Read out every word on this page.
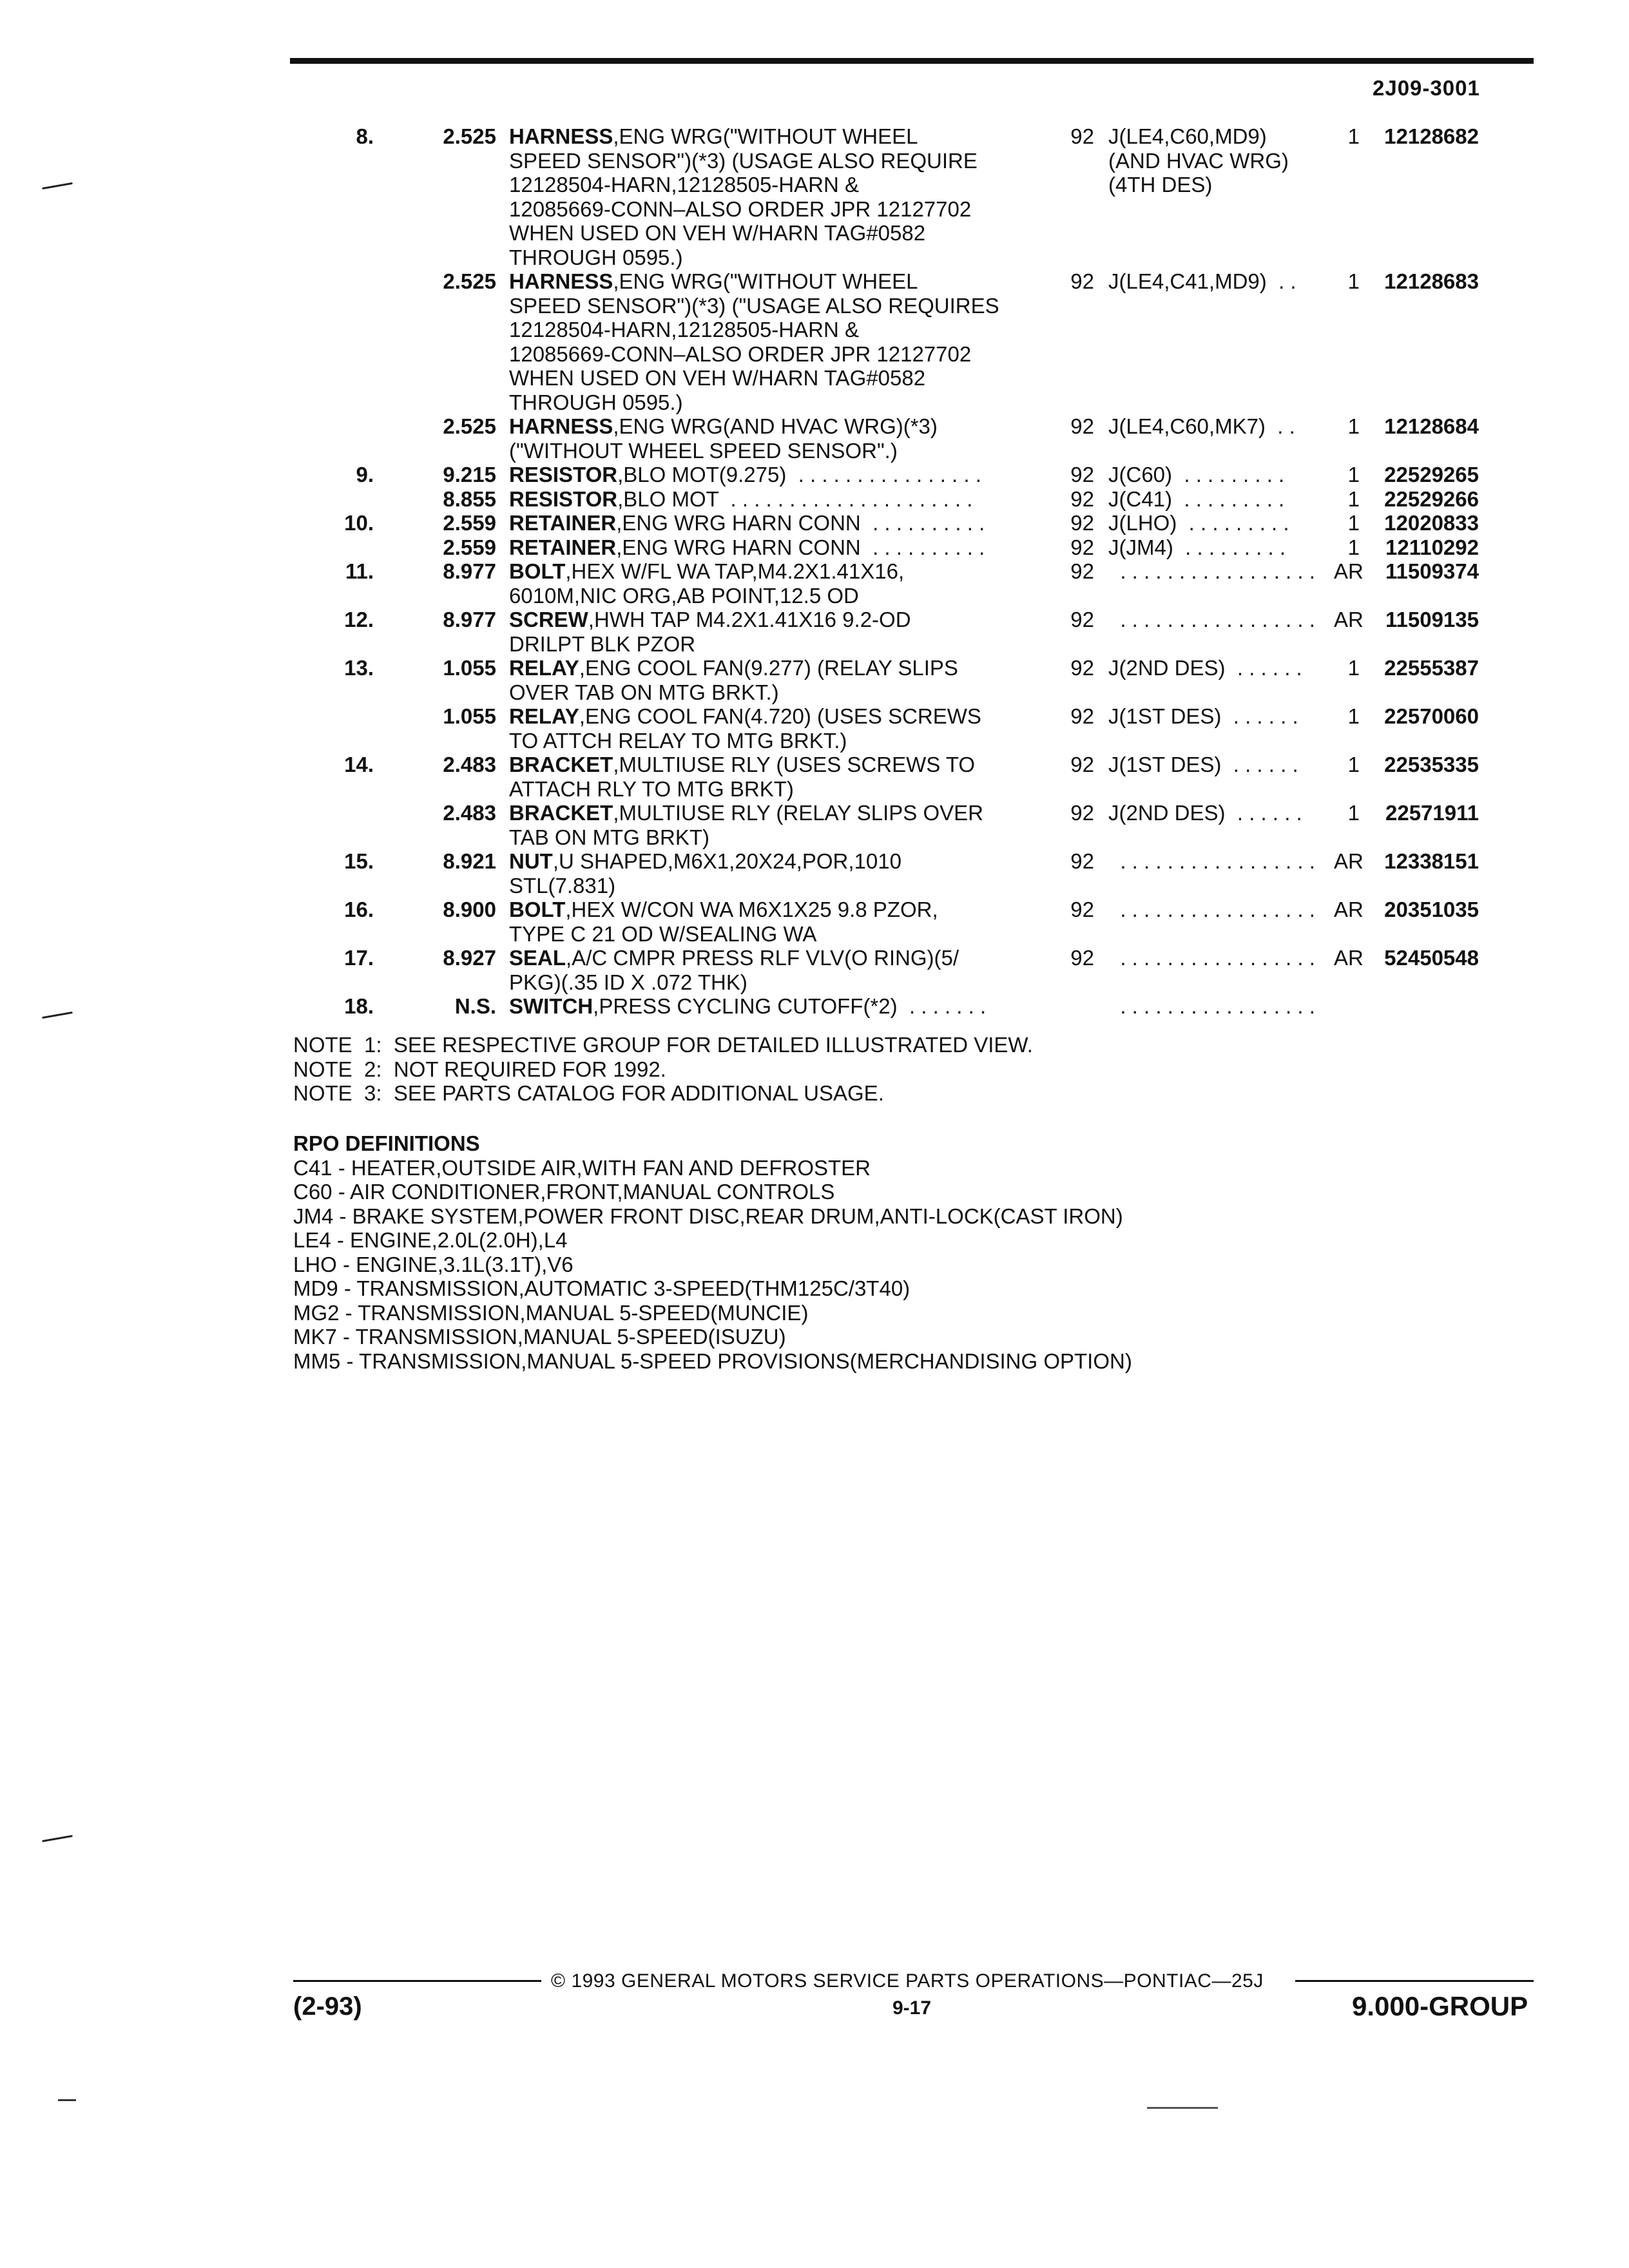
2J09-3001
8.	2.525 HARNESS,ENG WRG("WITHOUT WHEEL
SPEED SENSOR")(*3) (USAGE ALSO REQUIRE
12128504-HARN,12128505-HARN &
12085669-CONN–ALSO ORDER JPR 12127702
WHEN USED ON VEH W/HARN TAG#0582
THROUGH 0595.)
92 J(LE4,C60,MD9)
(AND HVAC WRG)
(4TH DES)
1	12128682
2.525 HARNESS,ENG WRG("WITHOUT WHEEL
SPEED SENSOR")(*3) ("USAGE ALSO REQUIRES
12128504-HARN,12128505-HARN &
12085669-CONN–ALSO ORDER JPR 12127702
WHEN USED ON VEH W/HARN TAG#0582
THROUGH 0595.)
92 J(LE4,C41,MD9)  . .	1	12128683
2.525 HARNESS,ENG WRG(AND HVAC WRG)(*3)
("WITHOUT WHEEL SPEED SENSOR".)
92 J(LE4,C60,MK7)  . .	1	12128684
9.	9.215 RESISTOR,BLO MOT(9.275)  . . . . . . . . . . . . . . . .	92 J(C60)  . . . . . . . . .	1	22529265
8.855 RESISTOR,BLO MOT  . . . . . . . . . . . . . . . . . . . . .	92 J(C41)  . . . . . . . . .	1	22529266
10.	2.559 RETAINER,ENG WRG HARN CONN  . . . . . . . . . .	92 J(LHO)  . . . . . . . . .	1	12020833
2.559 RETAINER,ENG WRG HARN CONN  . . . . . . . . . .	92 J(JM4)  . . . . . . . . .	1	12110292
11.	8.977 BOLT,HEX W/FL WA TAP,M4.2X1.41X16,
6010M,NIC ORG,AB POINT,12.5 OD
92 . . . . . . . . . . . . . . . . . AR	11509374
12.	8.977 SCREW,HWH TAP M4.2X1.41X16 9.2-OD
DRILPT BLK PZOR
92 . . . . . . . . . . . . . . . . . AR	11509135
13.	1.055 RELAY,ENG COOL FAN(9.277) (RELAY SLIPS
OVER TAB ON MTG BRKT.)
92 J(2ND DES)  . . . . . .	1	22555387
1.055 RELAY,ENG COOL FAN(4.720) (USES SCREWS
TO ATTCH RELAY TO MTG BRKT.)
92 J(1ST DES)  . . . . . .	1	22570060
14.	2.483 BRACKET,MULTIUSE RLY (USES SCREWS TO
ATTACH RLY TO MTG BRKT)
92 J(1ST DES)  . . . . . .	1	22535335
2.483 BRACKET,MULTIUSE RLY (RELAY SLIPS OVER
TAB ON MTG BRKT)
92 J(2ND DES)  . . . . . .	1	22571911
15.	8.921 NUT,U SHAPED,M6X1,20X24,POR,1010
STL(7.831)
92 . . . . . . . . . . . . . . . . . AR 12338151
16.	8.900 BOLT,HEX W/CON WA M6X1X25 9.8 PZOR,
TYPE C 21 OD W/SEALING WA
92 . . . . . . . . . . . . . . . . . AR 20351035
17.	8.927 SEAL,A/C CMPR PRESS RLF VLV(O RING)(5/
PKG)(.35 ID X .072 THK)
92 . . . . . . . . . . . . . . . . . AR 52450548
18.	N.S. SWITCH,PRESS CYCLING CUTOFF(*2)  . . . . . . .	. . . . . . . . . . . . . . . . .
NOTE  1:  SEE RESPECTIVE GROUP FOR DETAILED ILLUSTRATED VIEW.
NOTE  2:  NOT REQUIRED FOR 1992.
NOTE  3:  SEE PARTS CATALOG FOR ADDITIONAL USAGE.
RPO DEFINITIONS
C41 - HEATER,OUTSIDE AIR,WITH FAN AND DEFROSTER
C60 - AIR CONDITIONER,FRONT,MANUAL CONTROLS
JM4 - BRAKE SYSTEM,POWER FRONT DISC,REAR DRUM,ANTI-LOCK(CAST IRON)
LE4 - ENGINE,2.0L(2.0H),L4
LHO - ENGINE,3.1L(3.1T),V6
MD9 - TRANSMISSION,AUTOMATIC 3-SPEED(THM125C/3T40)
MG2 - TRANSMISSION,MANUAL 5-SPEED(MUNCIE)
MK7 - TRANSMISSION,MANUAL 5-SPEED(ISUZU)
MM5 - TRANSMISSION,MANUAL 5-SPEED PROVISIONS(MERCHANDISING OPTION)
© 1993 GENERAL MOTORS SERVICE PARTS OPERATIONS—PONTIAC—25J
(2-93)	9-17	9.000-GROUP
